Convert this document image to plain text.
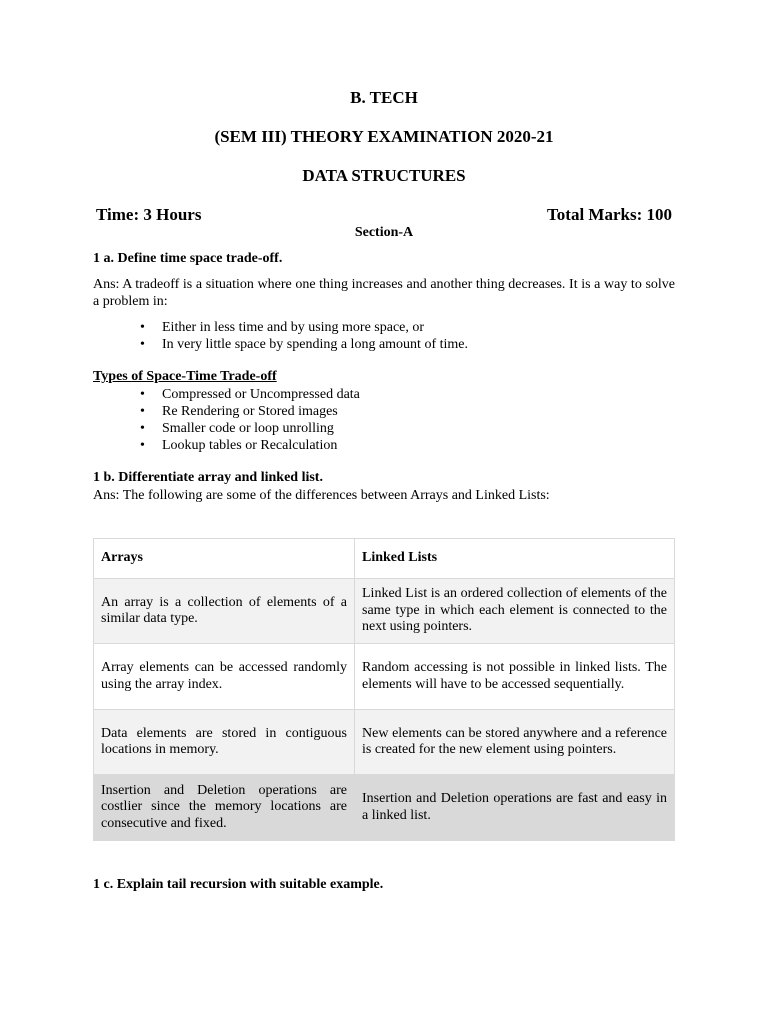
B. TECH
(SEM III) THEORY EXAMINATION 2020-21
DATA STRUCTURES
Time: 3 Hours	Total Marks: 100
Section-A
1 a. Define time space trade-off.
Ans: A tradeoff is a situation where one thing increases and another thing decreases. It is a way to solve a problem in:
• Either in less time and by using more space, or
• In very little space by spending a long amount of time.
Types of Space-Time Trade-off
• Compressed or Uncompressed data
• Re Rendering or Stored images
• Smaller code or loop unrolling
• Lookup tables or Recalculation
1 b. Differentiate array and linked list.
Ans: The following are some of the differences between Arrays and Linked Lists:
Arrays	Linked Lists
An array is a collection of elements of a similar data type.	Linked List is an ordered collection of elements of the same type in which each element is connected to the next using pointers.
Array elements can be accessed randomly using the array index.	Random accessing is not possible in linked lists. The elements will have to be accessed sequentially.
Data elements are stored in contiguous locations in memory.	New elements can be stored anywhere and a reference is created for the new element using pointers.
Insertion and Deletion operations are costlier since the memory locations are consecutive and fixed.	Insertion and Deletion operations are fast and easy in a linked list.
1 c. Explain tail recursion with suitable example.
